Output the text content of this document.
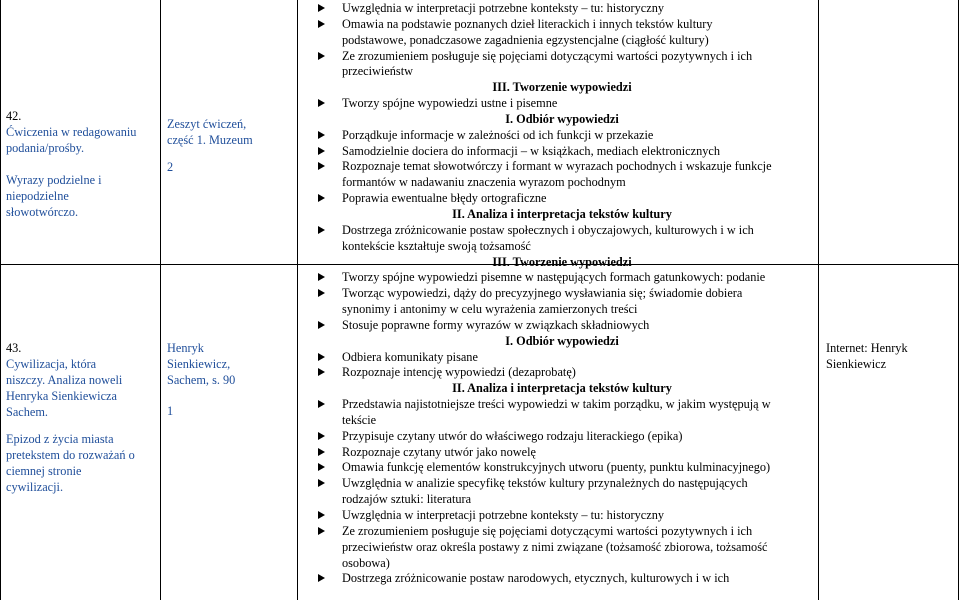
42.

Ćwiczenia w redagowaniu

podania/prośby.

Wyrazy podzielne i

niepodzielne

słowotwórczo.

43.

Cywilizacja, która

niszczy. Analiza noweli

Henryka Sienkiewicza

Sachem.

Epizod z życia miasta

pretekstem do rozważań o

ciemnej stronie

cywilizacji.

Zeszyt ćwiczeń,

część 1. Muzeum

2

Henryk

Sienkiewicz,

Sachem, s. 90

1

Internet: Henryk

Sienkiewicz

Uwzględnia w interpretacji potrzebne konteksty – tu: historyczny
Omawia na podstawie poznanych dzieł literackich i innych tekstów kultury
podstawowe, ponadczasowe zagadnienia egzystencjalne (ciągłość kultury)
Ze zrozumieniem posługuje się pojęciami dotyczącymi wartości pozytywnych i ich
przeciwieństw
III. Tworzenie wypowiedzi
Tworzy spójne wypowiedzi ustne i pisemne
I. Odbiór wypowiedzi
Porządkuje informacje w zależności od ich funkcji w przekazie
Samodzielnie dociera do informacji – w książkach, mediach elektronicznych
Rozpoznaje temat słowotwórczy i formant w wyrazach pochodnych i wskazuje funkcje
formantów w nadawaniu znaczenia wyrazom pochodnym
Poprawia ewentualne błędy ortograficzne
II. Analiza i interpretacja tekstów kultury
Dostrzega zróżnicowanie postaw społecznych i obyczajowych, kulturowych i w ich
kontekście kształtuje swoją tożsamość
III. Tworzenie wypowiedzi
Tworzy spójne wypowiedzi pisemne w następujących formach gatunkowych: podanie
Tworząc wypowiedzi, dąży do precyzyjnego wysławiania się; świadomie dobiera
synonimy i antonimy w celu wyrażenia zamierzonych treści
Stosuje poprawne formy wyrazów w związkach składniowych
I. Odbiór wypowiedzi
Odbiera komunikaty pisane
Rozpoznaje intencję wypowiedzi (dezaprobatę)
II. Analiza i interpretacja tekstów kultury
Przedstawia najistotniejsze treści wypowiedzi w takim porządku, w jakim występują w
tekście
Przypisuje czytany utwór do właściwego rodzaju literackiego (epika)
Rozpoznaje czytany utwór jako nowelę
Omawia funkcję elementów konstrukcyjnych utworu (puenty, punktu kulminacyjnego)
Uwzględnia w analizie specyfikę tekstów kultury przynależnych do następujących
rodzajów sztuki: literatura
Uwzględnia w interpretacji potrzebne konteksty – tu: historyczny
Ze zrozumieniem posługuje się pojęciami dotyczącymi wartości pozytywnych i ich
przeciwieństw oraz określa postawy z nimi związane (tożsamość zbiorowa, tożsamość
osobowa)
Dostrzega zróżnicowanie postaw narodowych, etycznych, kulturowych i w ich
